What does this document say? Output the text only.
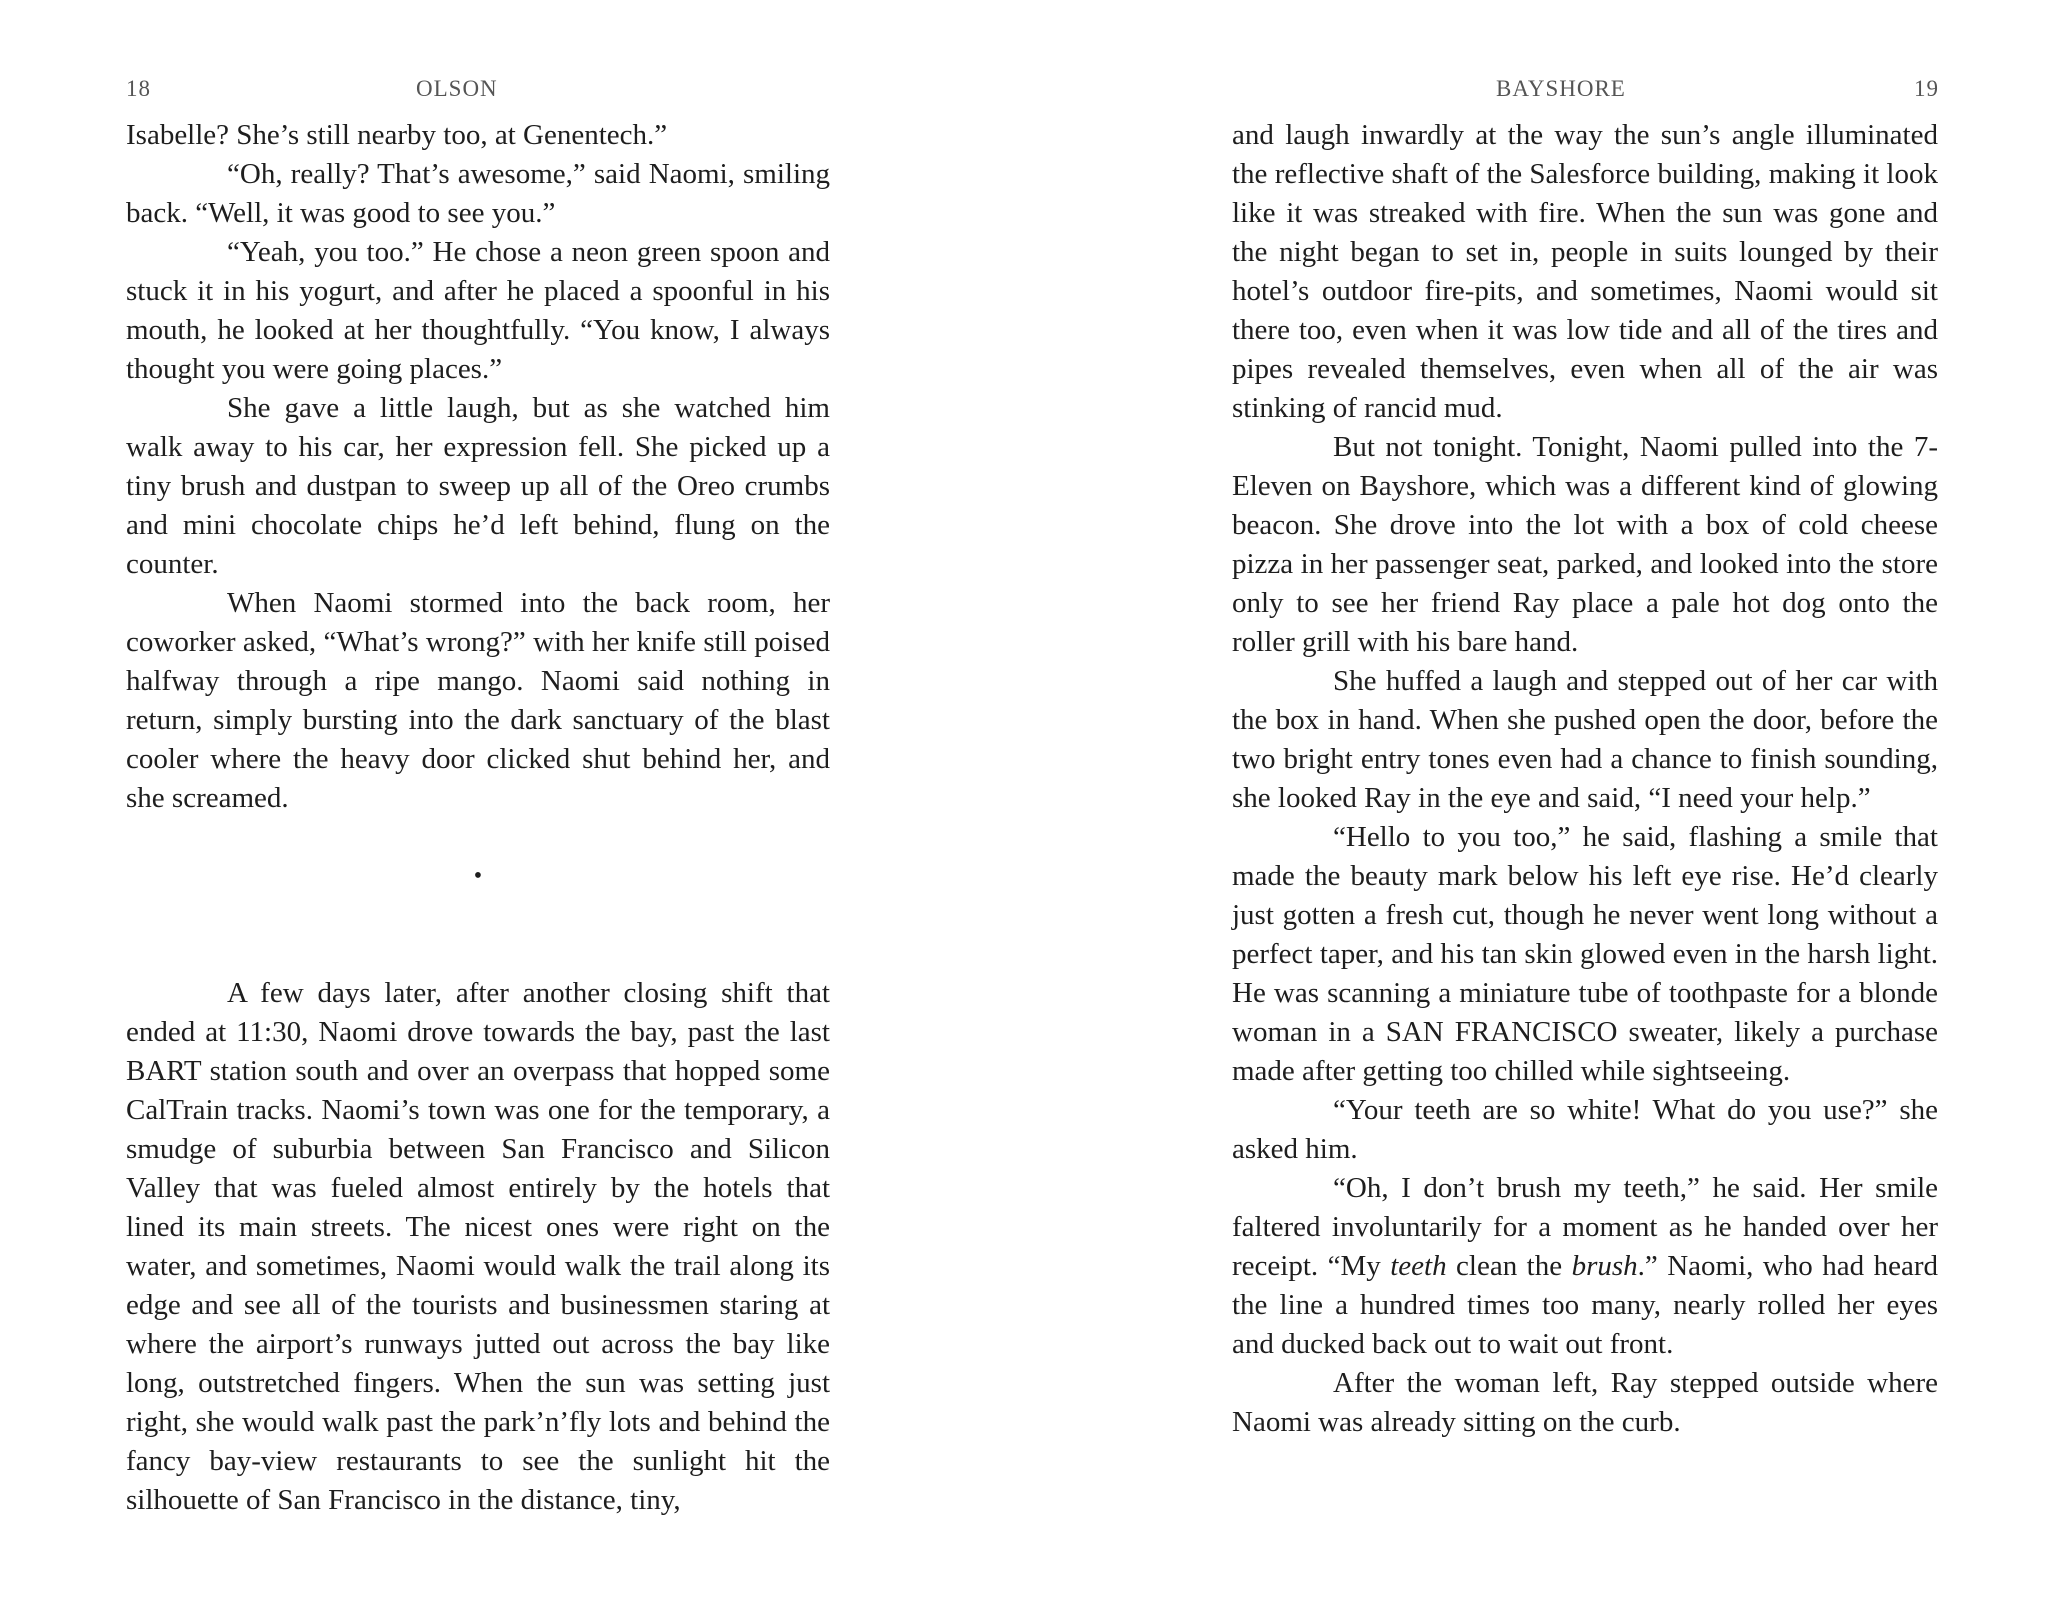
18	OLSON

Isabelle? She’s still nearby too, at Genentech.”

“Oh, really? That’s awesome,” said Naomi, smiling back. “Well, it was good to see you.”

“Yeah, you too.” He chose a neon green spoon and stuck it in his yogurt, and after he placed a spoonful in his mouth, he looked at her thoughtfully. “You know, I always thought you were going places.”

She gave a little laugh, but as she watched him walk away to his car, her expression fell. She picked up a tiny brush and dustpan to sweep up all of the Oreo crumbs and mini chocolate chips he’d left behind, flung on the counter.

When Naomi stormed into the back room, her coworker asked, “What’s wrong?” with her knife still poised halfway through a ripe mango. Naomi said nothing in return, simply bursting into the dark sanctuary of the blast cooler where the heavy door clicked shut behind her, and she screamed.

•

A few days later, after another closing shift that ended at 11:30, Naomi drove towards the bay, past the last BART station south and over an overpass that hopped some CalTrain tracks. Naomi’s town was one for the temporary, a smudge of suburbia between San Francisco and Silicon Valley that was fueled almost entirely by the hotels that lined its main streets. The nicest ones were right on the water, and sometimes, Naomi would walk the trail along its edge and see all of the tourists and businessmen staring at where the airport’s runways jutted out across the bay like long, outstretched fingers. When the sun was setting just right, she would walk past the park’n’fly lots and behind the fancy bay-view restaurants to see the sunlight hit the silhouette of San Francisco in the distance, tiny,

BAYSHORE	19

and laugh inwardly at the way the sun’s angle illuminated the reflective shaft of the Salesforce building, making it look like it was streaked with fire. When the sun was gone and the night began to set in, people in suits lounged by their hotel’s outdoor fire-pits, and sometimes, Naomi would sit there too, even when it was low tide and all of the tires and pipes revealed themselves, even when all of the air was stinking of rancid mud.

But not tonight. Tonight, Naomi pulled into the 7-Eleven on Bayshore, which was a different kind of glowing beacon. She drove into the lot with a box of cold cheese pizza in her passenger seat, parked, and looked into the store only to see her friend Ray place a pale hot dog onto the roller grill with his bare hand.

She huffed a laugh and stepped out of her car with the box in hand. When she pushed open the door, before the two bright entry tones even had a chance to finish sounding, she looked Ray in the eye and said, “I need your help.”

“Hello to you too,” he said, flashing a smile that made the beauty mark below his left eye rise. He’d clearly just gotten a fresh cut, though he never went long without a perfect taper, and his tan skin glowed even in the harsh light. He was scanning a miniature tube of toothpaste for a blonde woman in a SAN FRANCISCO sweater, likely a purchase made after getting too chilled while sightseeing.

“Your teeth are so white! What do you use?” she asked him.

“Oh, I don’t brush my teeth,” he said. Her smile faltered involuntarily for a moment as he handed over her receipt. “My teeth clean the brush.” Naomi, who had heard the line a hundred times too many, nearly rolled her eyes and ducked back out to wait out front.

After the woman left, Ray stepped outside where Naomi was already sitting on the curb.
